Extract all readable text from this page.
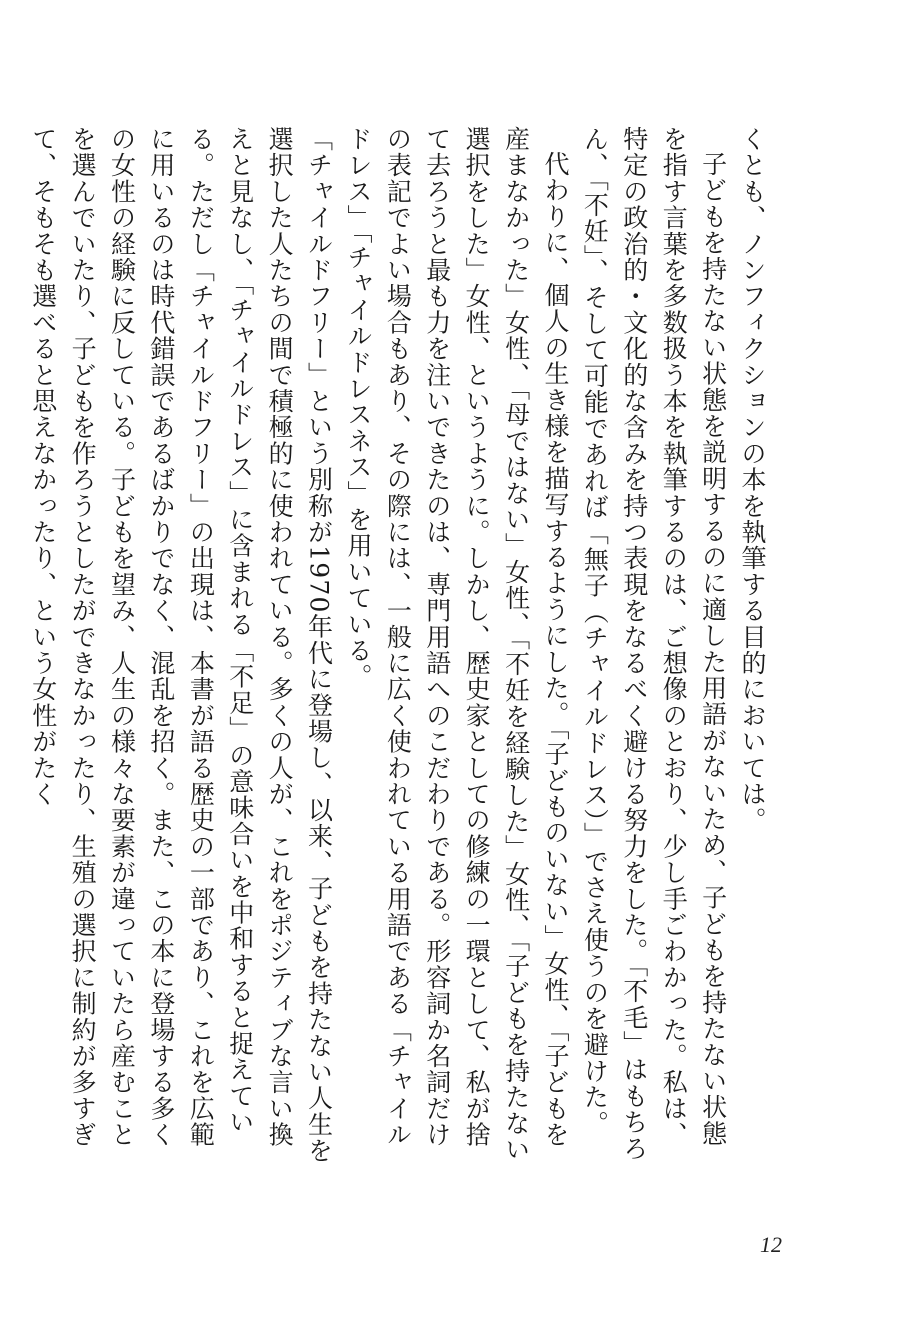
くとも、ノンフィクションの本を執筆する目的においては。

子どもを持たない状態を説明するのに適した用語がないため、子どもを持たない状態を指す言葉を多数扱う本を執筆するのは、ご想像のとおり、少し手ごわかった。私は、特定の政治的・文化的な含みを持つ表現をなるべく避ける努力をした。「不毛」はもちろん、「不妊」、そして可能であれば「無子（チャイルドレス）」でさえ使うのを避けた。

代わりに、個人の生き様を描写するようにした。「子どものいない」女性、「子どもを産まなかった」女性、「母ではない」女性、「不妊を経験した」女性、「子どもを持たない選択をした」女性、というように。しかし、歴史家としての修練の一環として、私が捨て去ろうと最も力を注いできたのは、専門用語へのこだわりである。形容詞か名詞だけの表記でよい場合もあり、その際には、一般に広く使われている用語である「チャイルドレス」「チャイルドレスネス」を用いている。

「チャイルドフリー」という別称が1970年代に登場し、以来、子どもを持たない人生を選択した人たちの間で積極的に使われている。多くの人が、これをポジティブな言い換えと見なし、「チャイルドレス」に含まれる「不足」の意味合いを中和すると捉えている。ただし「チャイルドフリー」の出現は、本書が語る歴史の一部であり、これを広範に用いるのは時代錯誤であるばかりでなく、混乱を招く。また、この本に登場する多くの女性の経験に反している。子どもを望み、人生の様々な要素が違っていたら産むことを選んでいたり、子どもを作ろうとしたができなかったり、生殖の選択に制約が多すぎて、そもそも選べると思えなかったり、という女性がたく

12
